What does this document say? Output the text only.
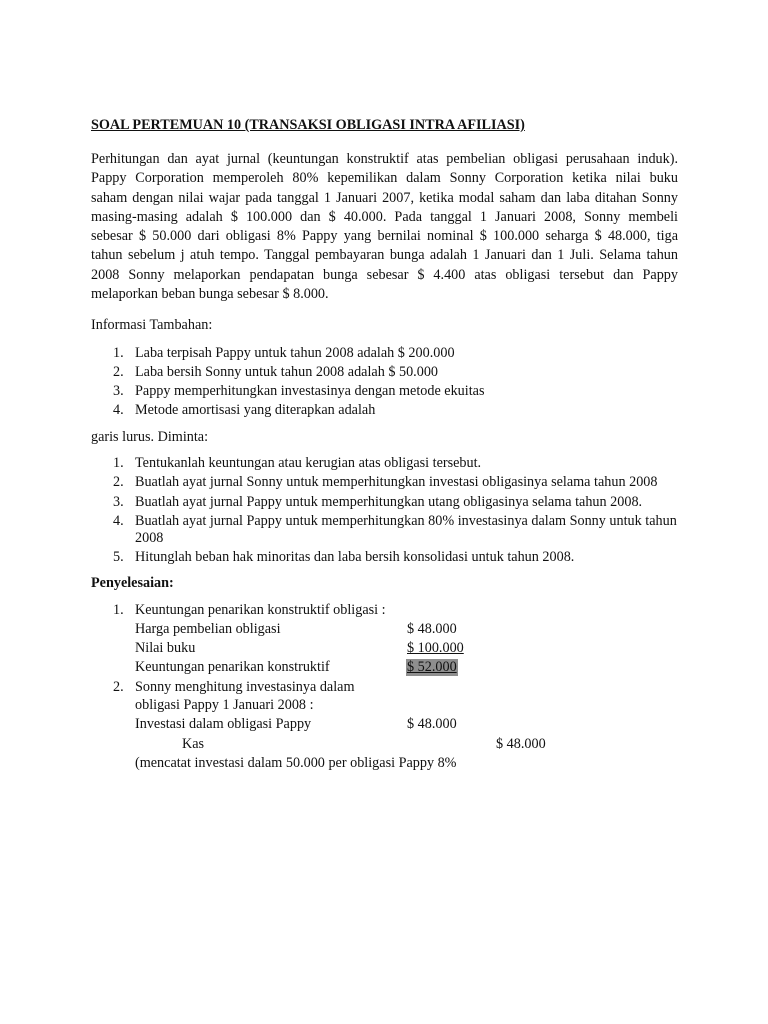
SOAL PERTEMUAN 10 (TRANSAKSI OBLIGASI INTRA AFILIASI)
Perhitungan dan ayat jurnal (keuntungan konstruktif atas pembelian obligasi perusahaan induk).
Pappy Corporation memperoleh 80% kepemilikan dalam Sonny Corporation ketika nilai buku
saham dengan nilai wajar pada tanggal 1 Januari 2007, ketika modal saham dan laba ditahan Sonny
masing-masing adalah $ 100.000 dan $ 40.000. Pada tanggal 1 Januari 2008, Sonny membeli
sebesar $ 50.000 dari obligasi 8% Pappy yang bernilai nominal $ 100.000 seharga $ 48.000, tiga
tahun sebelum j atuh tempo. Tanggal pembayaran bunga adalah 1 Januari dan 1 Juli. Selama tahun
2008 Sonny melaporkan pendapatan bunga sebesar $ 4.400 atas obligasi tersebut dan Pappy
melaporkan beban bunga sebesar $ 8.000.
Informasi Tambahan:
1. Laba terpisah Pappy untuk tahun 2008 adalah $ 200.000
2. Laba bersih Sonny untuk tahun 2008 adalah $ 50.000
3. Pappy memperhitungkan investasinya dengan metode ekuitas
4. Metode amortisasi yang diterapkan adalah
garis lurus. Diminta:
1. Tentukanlah keuntungan atau kerugian atas obligasi tersebut.
2. Buatlah ayat jurnal Sonny untuk memperhitungkan investasi obligasinya selama tahun 2008
3. Buatlah ayat jurnal Pappy untuk memperhitungkan utang obligasinya selama tahun 2008.
4. Buatlah ayat jurnal Pappy untuk memperhitungkan 80% investasinya dalam Sonny untuk tahun 2008
5. Hitunglah beban hak minoritas dan laba bersih konsolidasi untuk tahun 2008.
Penyelesaian:
1. Keuntungan penarikan konstruktif obligasi :
Harga pembelian obligasi	$ 48.000
Nilai buku	$ 100.000
Keuntungan penarikan konstruktif	$ 52.000
2. Sonny menghitung investasinya dalam
obligasi Pappy 1 Januari 2008 :
Investasi dalam obligasi Pappy	$ 48.000
Kas	$ 48.000
(mencatat investasi dalam 50.000 per obligasi Pappy 8%
